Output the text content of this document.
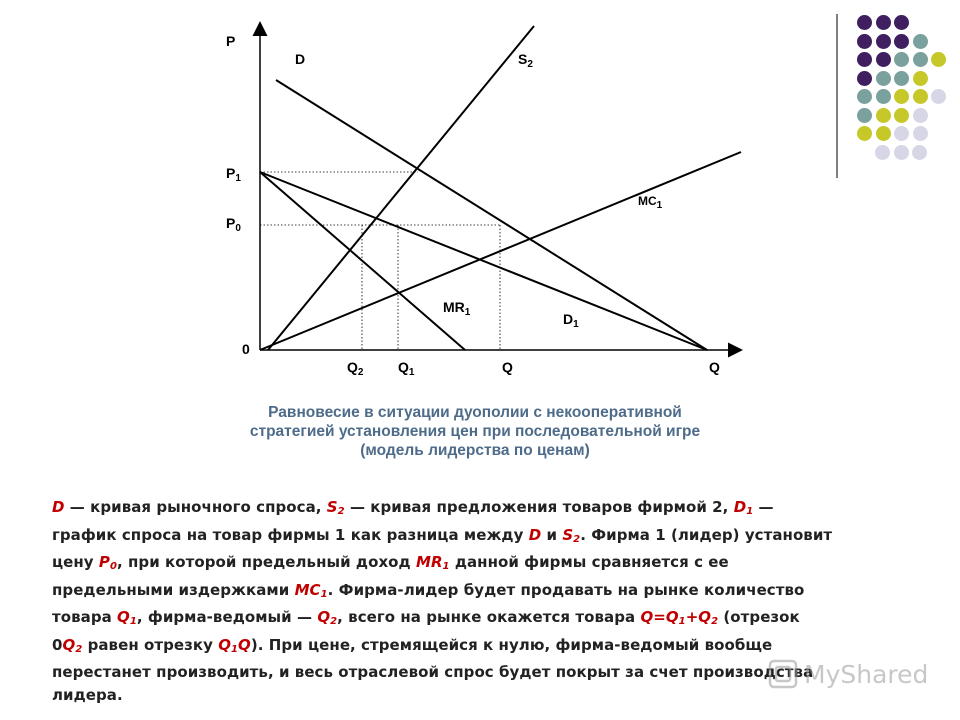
P
0
Q
$P_1$
$P_0$
$Q_2$ $Q_1$	Q
D	$S_2$
$D_1$
$MR_1$
$MC_1$
Равновесие в ситуации дуополии с некооперативной
стратегией установления цен при последовательной игре
(модель лидерства по ценам)
D — кривая рыночного спроса, $S_2$ — кривая предложения товаров фирмой 2, $D_1$ —
график спроса на товар фирмы 1 как разница между D и $S_2$. Фирма 1 (лидер) установит
цену $P_0$, при которой предельный доход $MR_1$ данной фирмы сравняется с ее
предельными издержками $MC_1$. Фирма-лидер будет продавать на рынке количество
товара $Q_1$, фирма-ведомый — $Q_2$, всего на рынке окажется товара $Q=Q_1+Q_2$ (отрезок
$0Q_2$ равен отрезку $Q_1Q$). При цене, стремящейся к нулю, фирма-ведомый вообще
перестанет производить, и весь отраслевой спрос будет покрыт за счет производства
лидера.
MyShared
